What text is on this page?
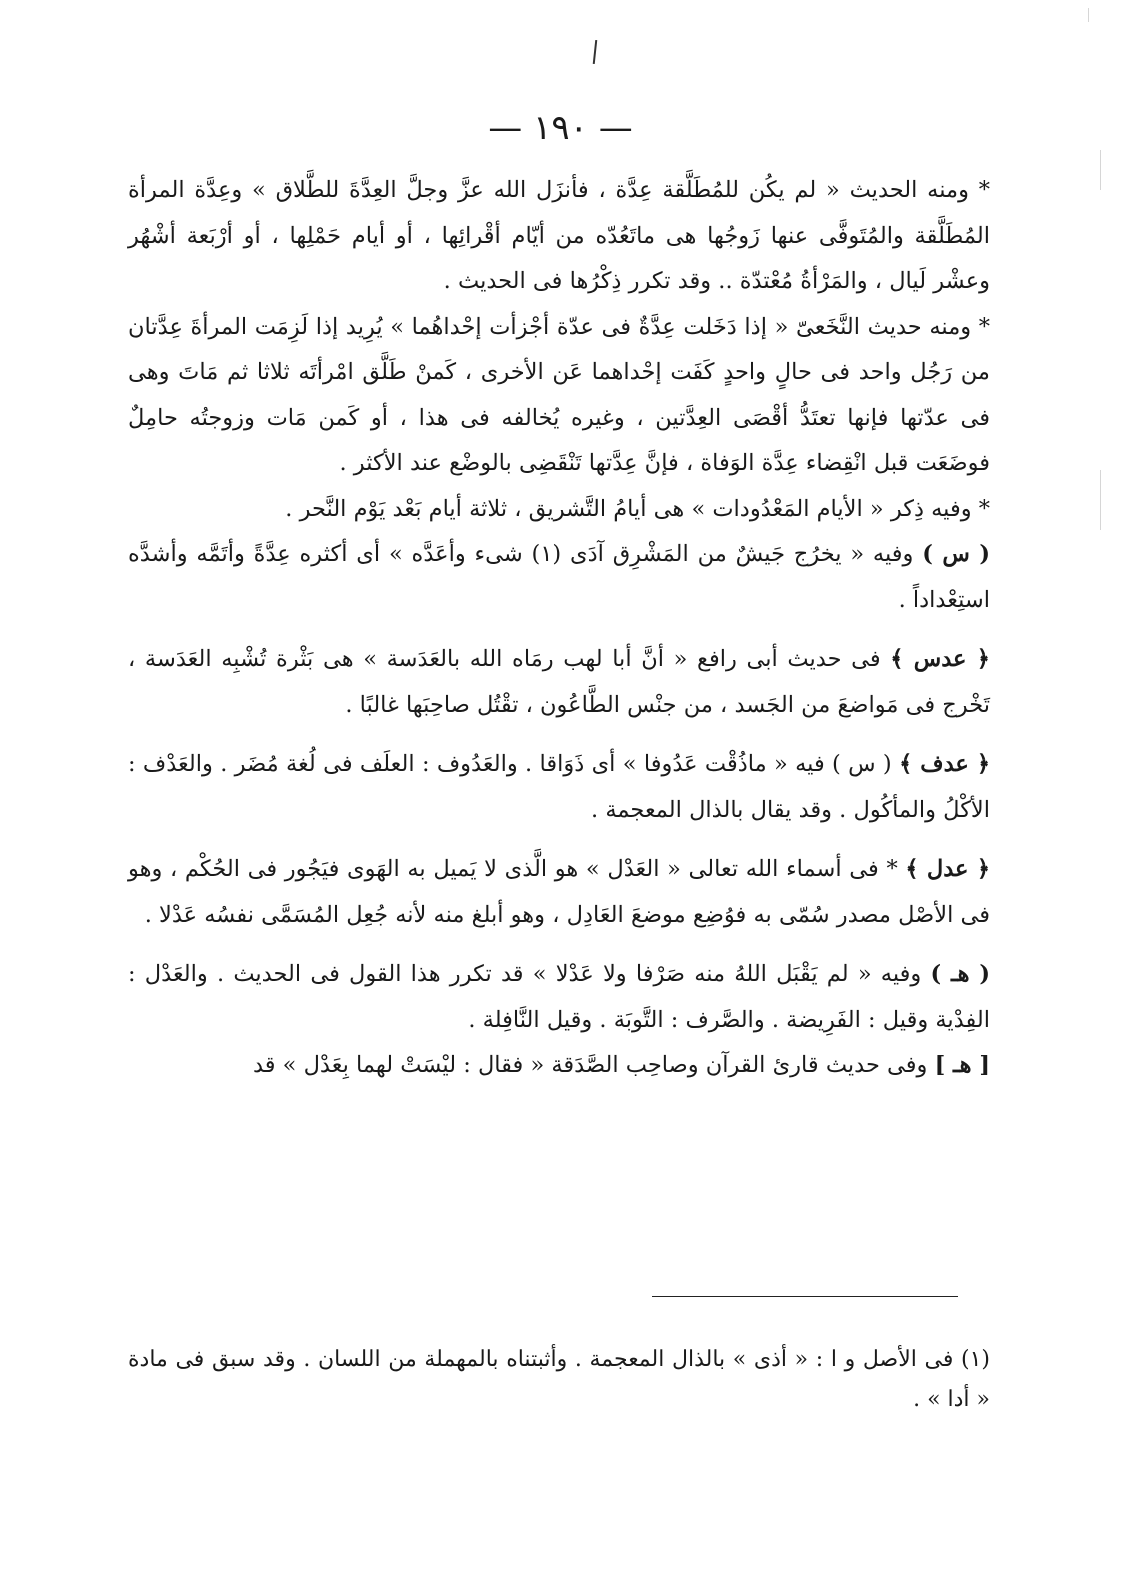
— ١٩٠ —

* ومنه الحديث « لم يكُن للمُطَلَّقة عِدَّة ، فأنزَل الله عزَّ وجلَّ العِدَّةَ للطَّلاق » وعِدَّة المرأة المُطَلَّقة والمُتَوفَّى عنها زَوجُها هى ماتَعُدّه من أيّام أقْرائِها ، أو أيام حَمْلِها ، أو أرْبَعة أشْهُر وعشْر لَيال ، والمَرْأةُ مُعْتدّة .. وقد تكرر ذِكْرُها فى الحديث .

* ومنه حديث النَّخَعىّ « إذا دَخَلت عِدَّةٌ فى عدّة أجْزأت إحْداهُما » يُرِيد إذا لَزِمَت المرأةَ عِدَّتان من رَجُل واحد فى حالٍ واحدٍ كَفَت إحْداهما عَن الأخرى ، كَمنْ طَلَّق امْرأتَه ثلاثا ثم مَاتَ وهى فى عدّتها فإنها تعتَدُّ أقْصَى العِدَّتين ، وغيره يُخالفه فى هذا ، أو كَمن مَات وزوجتُه حامِلٌ فوضَعَت قبل انْقِضاء عِدَّة الوَفاة ، فإنَّ عِدَّتها تَنْقَضِى بالوضْع عند الأكثر .

* وفيه ذِكر « الأيام المَعْدُودات » هى أيامُ التَّشريق ، ثلاثة أيام بَعْد يَوْم النَّحر .

( س ) وفيه « يخرُج جَيشٌ من المَشْرِق آدَى (١) شىء وأعَدَّه » أى أكثره عِدَّةً وأتَمَّه وأشدَّه استِعْداداً .

﴿ عدس ﴾ فى حديث أبى رافع « أنَّ أبا لهب رمَاه الله بالعَدَسة » هى بَثْرة تُشْبِه العَدَسة ، تَخْرج فى مَواضعَ من الجَسد ، من جنْس الطَّاعُون ، تقْتُل صاحِبَها غالبًا .

﴿ عدف ﴾ ( س ) فيه « ماذُقْت عَدُوفا » أى ذَوَاقا . والعَدُوف : العلَف فى لُغة مُضَر . والعَدْف : الأكْلُ والمأكُول . وقد يقال بالذال المعجمة .

﴿ عدل ﴾ * فى أسماء الله تعالى « العَدْل » هو الَّذى لا يَميل به الهَوى فيَجُور فى الحُكْم ، وهو فى الأصْل مصدر سُمّى به فوُضِع موضعَ العَادِل ، وهو أبلغ منه لأنه جُعِل المُسَمَّى نفسُه عَدْلا .

( هـ ) وفيه « لم يَقْبَل اللهُ منه صَرْفا ولا عَدْلا » قد تكرر هذا القول فى الحديث . والعَدْل : الفِدْية وقيل : الفَرِيضة . والصَّرف : التَّوبَة . وقيل النَّافِلة .

[ هـ ] وفى حديث قارئ القرآن وصاحِب الصَّدَقة « فقال : ليْسَتْ لهما بِعَدْل » قد

(١) فى الأصل و ا : « أذى » بالذال المعجمة . وأثبتناه بالمهملة من اللسان . وقد سبق فى مادة « أدا » .
